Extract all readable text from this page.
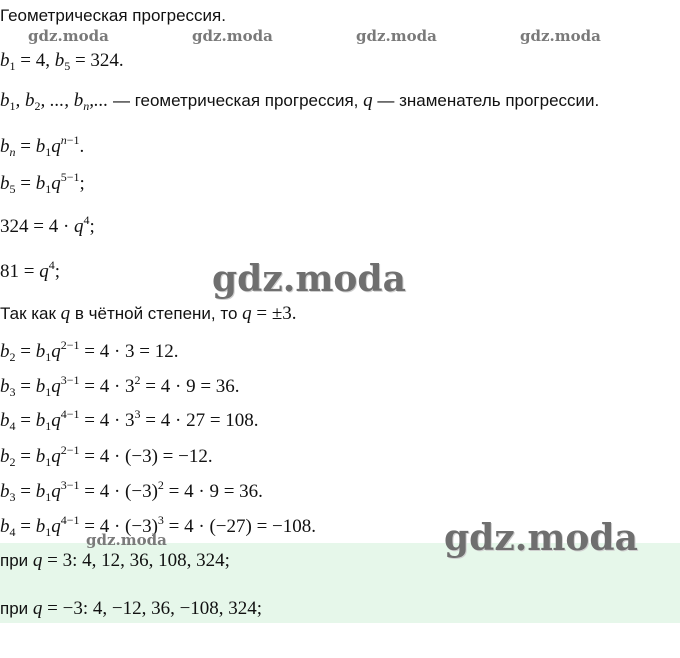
Геометрическая прогрессия.
gdz.moda	gdz.moda	gdz.moda	gdz.moda
$b_1 = 4$, $b_5 = 324$.
$b_1$, $b_2$, ..., $b_n$,... — геометрическая прогрессия, q — знаменатель прогрессии.
$b_n = b_1q^{n-1}$.
$b_5 = b_1q^{5-1}$;
$324 = 4 \cdot q^4$;
$81 = q^4$;	gdz.moda
Так как q в чётной степени, то q = ±3.
$b_2 = b_1q^{2-1} = 4 \cdot 3 = 12$.
$b_3 = b_1q^{3-1} = 4 \cdot 3^2 = 4 \cdot 9 = 36$.
$b_4 = b_1q^{4-1} = 4 \cdot 3^3 = 4 \cdot 27 = 108$.
$b_2 = b_1q^{2-1} = 4 \cdot (-3) = -12$.
$b_3 = b_1q^{3-1} = 4 \cdot (-3)^2 = 4 \cdot 9 = 36$.
$b_4 = b_1q^{4-1} = 4 \cdot (-3)^3 = 4 \cdot (-27) = -108$.	gdz.moda
gdz.moda
при q = 3: 4, 12, 36, 108, 324;
при q = −3: 4, −12, 36, −108, 324;
